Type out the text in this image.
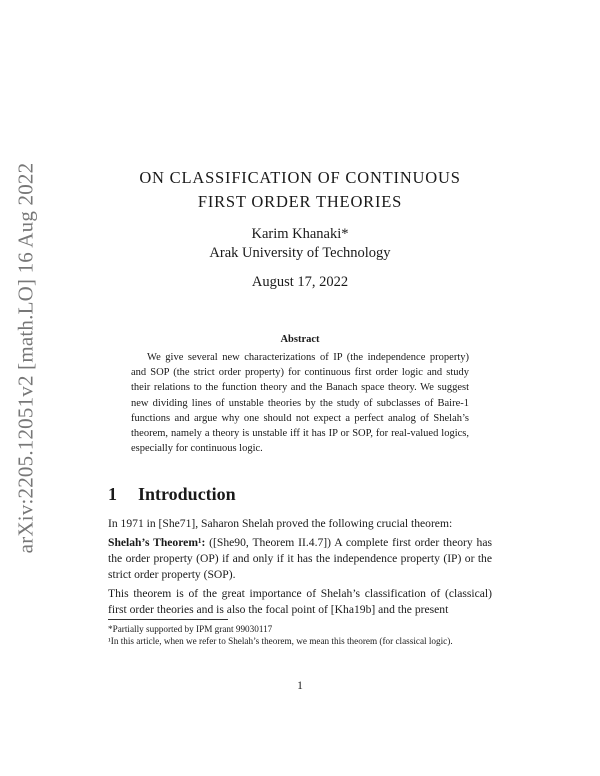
arXiv:2205.12051v2 [math.LO] 16 Aug 2022	ON CLASSIFICATION OF CONTINUOUS
FIRST ORDER THEORIES
Karim Khanaki*
Arak University of Technology
August 17, 2022
Abstract
We give several new characterizations of IP (the independence property) and SOP (the strict order property) for continuous first order logic and study their relations to the function theory and the Banach space theory. We suggest new dividing lines of unstable theories by the study of subclasses of Baire-1 functions and argue why one should not expect a perfect analog of Shelah’s theorem, namely a theory is unstable iff it has IP or SOP, for real-valued logics, especially for continuous logic.
1 Introduction
In 1971 in [She71], Saharon Shelah proved the following crucial theorem:
Shelah’s Theorem¹: ([She90, Theorem II.4.7]) A complete first order theory has the order property (OP) if and only if it has the independence property (IP) or the strict order property (SOP).
This theorem is of the great importance of Shelah’s classification of (classical) first order theories and is also the focal point of [Kha19b] and the present
*Partially supported by IPM grant 99030117
¹In this article, when we refer to Shelah’s theorem, we mean this theorem (for classical logic).
1
